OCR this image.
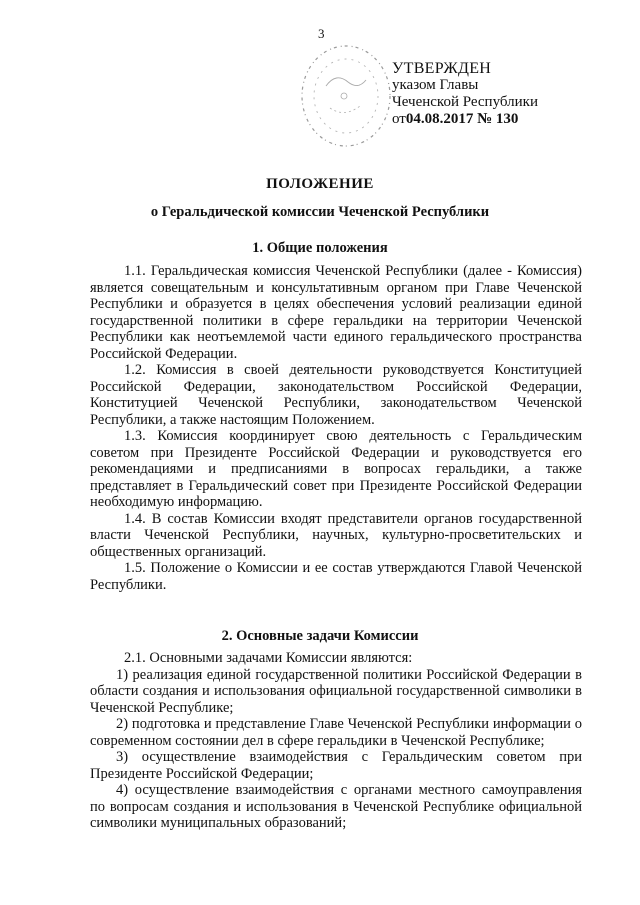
3
УТВЕРЖДЕН
указом Главы
Чеченской Республики
от04.08.2017 № 130
ПОЛОЖЕНИЕ
о Геральдической комиссии Чеченской Республики
1. Общие положения

1.1. Геральдическая комиссия Чеченской Республики (далее - Комиссия) является совещательным и консультативным органом при Главе Чеченской Республики и образуется в целях обеспечения условий реализации единой государственной политики в сфере геральдики на территории Чеченской Республики как неотъемлемой части единого геральдического пространства Российской Федерации.

1.2. Комиссия в своей деятельности руководствуется Конституцией Российской Федерации, законодательством Российской Федерации, Конституцией Чеченской Республики, законодательством Чеченской Республики, а также настоящим Положением.

1.3. Комиссия координирует свою деятельность с Геральдическим советом при Президенте Российской Федерации и руководствуется его рекомендациями и предписаниями в вопросах геральдики, а также представляет в Геральдический совет при Президенте Российской Федерации необходимую информацию.

1.4. В состав Комиссии входят представители органов государственной власти Чеченской Республики, научных, культурно-просветительских и общественных организаций.

1.5. Положение о Комиссии и ее состав утверждаются Главой Чеченской Республики.

2. Основные задачи Комиссии

2.1. Основными задачами Комиссии являются:

1) реализация единой государственной политики Российской Федерации в области создания и использования официальной государственной символики в Чеченской Республике;

2) подготовка и представление Главе Чеченской Республики информации о современном состоянии дел в сфере геральдики в Чеченской Республике;

3) осуществление взаимодействия с Геральдическим советом при Президенте Российской Федерации;

4) осуществление взаимодействия с органами местного самоуправления по вопросам создания и использования в Чеченской Республике официальной символики муниципальных образований;
